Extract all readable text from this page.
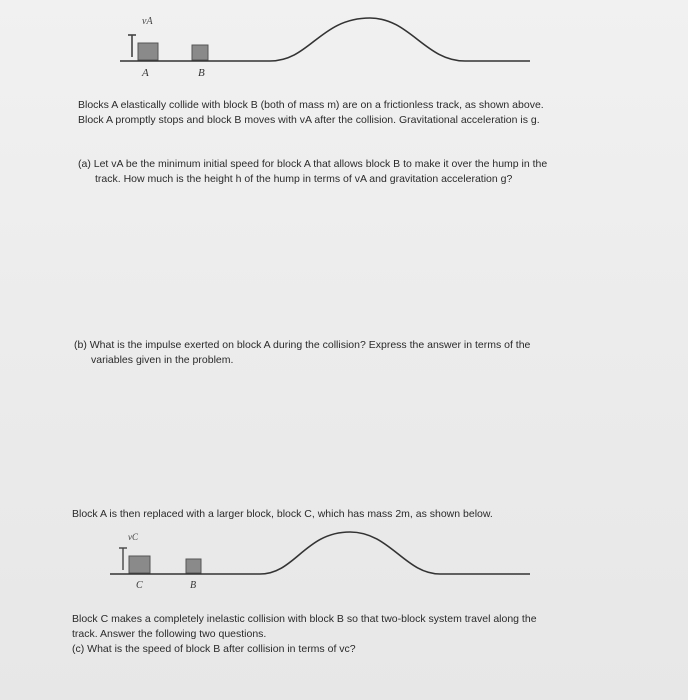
vA
A	B

Blocks A elastically collide with block B (both of mass m) are on a frictionless track, as shown above.
Block A promptly stops and block B moves with vA after the collision. Gravitational acceleration is g.

(a) Let vA be the minimum initial speed for block A that allows block B to make it over the hump in the
track. How much is the height h of the hump in terms of vA and gravitation acceleration g?

(b) What is the impulse exerted on block A during the collision? Express the answer in terms of the
variables given in the problem.

Block A is then replaced with a larger block, block C, which has mass 2m, as shown below.

vC
C	B

Block C makes a completely inelastic collision with block B so that two-block system travel along the
track. Answer the following two questions.
(c) What is the speed of block B after collision in terms of vc?
